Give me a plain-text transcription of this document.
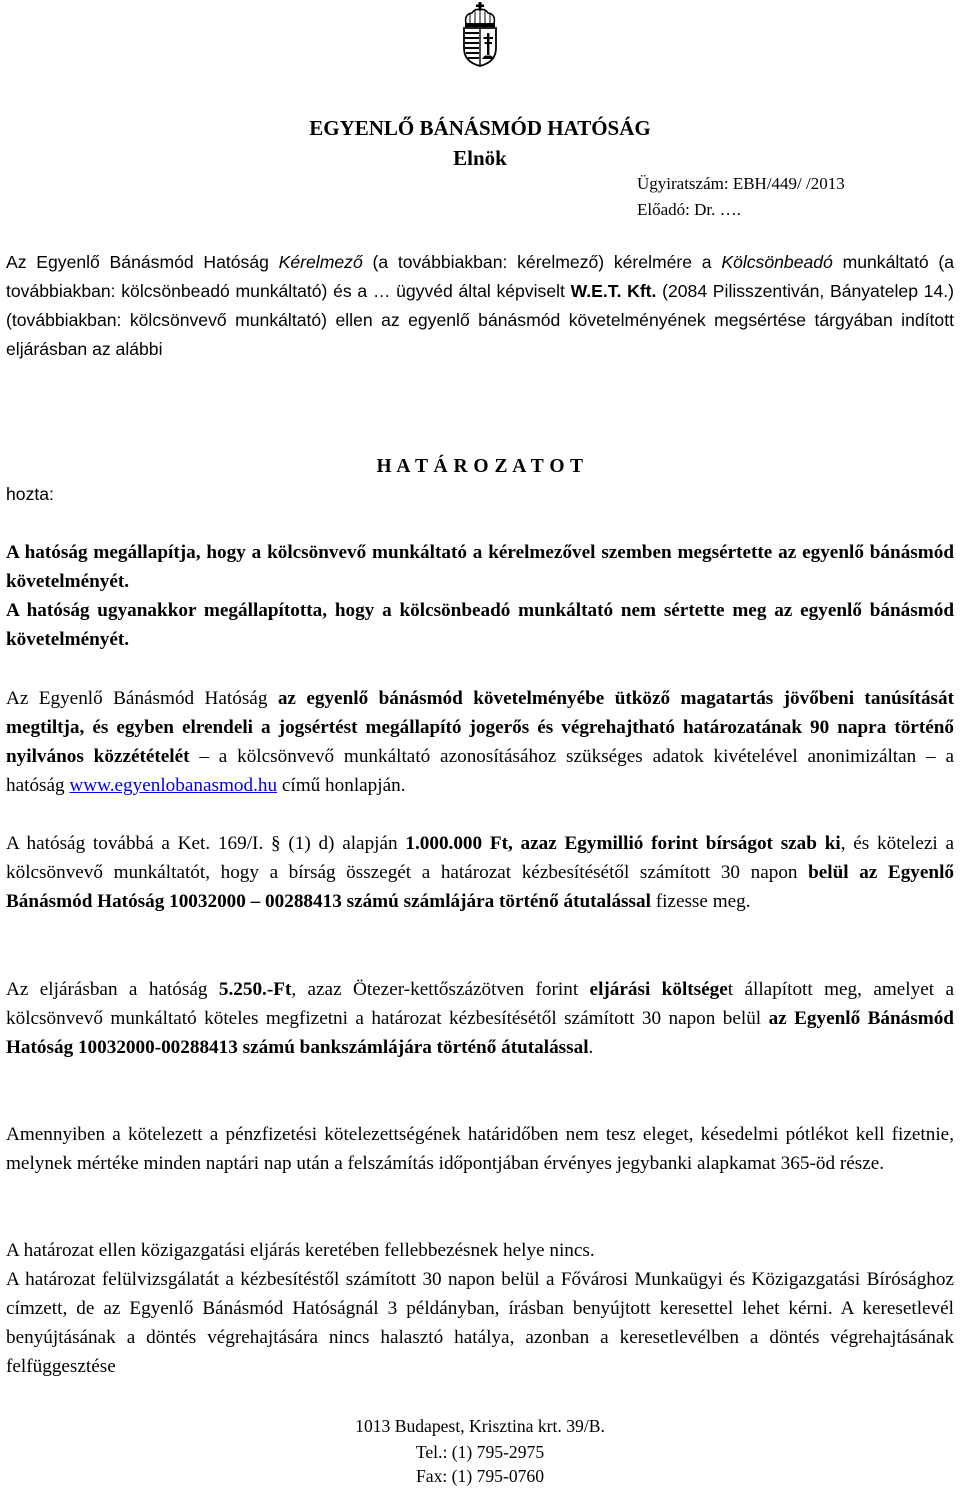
EGYENLŐ BÁNÁSMÓD HATÓSÁG
Elnök
Ügyiratszám: EBH/449/ /2013
Előadó: Dr. ….

Az Egyenlő Bánásmód Hatóság Kérelmező (a továbbiakban: kérelmező) kérelmére a Kölcsönbeadó munkáltató (a továbbiakban: kölcsönbeadó munkáltató) és a … ügyvéd által képviselt W.E.T. Kft. (2084 Pilisszentiván, Bányatelep 14.) (továbbiakban: kölcsönvevő munkáltató) ellen az egyenlő bánásmód követelményének megsértése tárgyában indított eljárásban az alábbi

H A T Á R O Z A T O T
hozta:

A hatóság megállapítja, hogy a kölcsönvevő munkáltató a kérelmezővel szemben megsértette az egyenlő bánásmód követelményét.

A hatóság ugyanakkor megállapította, hogy a kölcsönbeadó munkáltató nem sértette meg az egyenlő bánásmód követelményét.

Az Egyenlő Bánásmód Hatóság az egyenlő bánásmód követelményébe ütköző magatartás jövőbeni tanúsítását megtiltja, és egyben elrendeli a jogsértést megállapító jogerős és végrehajtható határozatának 90 napra történő nyilvános közzétételét – a kölcsönvevő munkáltató azonosításához szükséges adatok kivételével anonimizáltan – a hatóság www.egyenlobanasmod.hu című honlapján.

A hatóság továbbá a Ket. 169/I. § (1) d) alapján 1.000.000 Ft, azaz Egymillió forint bírságot szab ki, és kötelezi a kölcsönvevő munkáltatót, hogy a bírság összegét a határozat kézbesítésétől számított 30 napon belül az Egyenlő Bánásmód Hatóság 10032000 – 00288413 számú számlájára történő átutalással fizesse meg.

Az eljárásban a hatóság 5.250.-Ft, azaz Ötezer-kettőszázötven forint eljárási költséget állapított meg, amelyet a kölcsönvevő munkáltató köteles megfizetni a határozat kézbesítésétől számított 30 napon belül az Egyenlő Bánásmód Hatóság 10032000-00288413 számú bankszámlájára történő átutalással.

Amennyiben a kötelezett a pénzfizetési kötelezettségének határidőben nem tesz eleget, késedelmi pótlékot kell fizetnie, melynek mértéke minden naptári nap után a felszámítás időpontjában érvényes jegybanki alapkamat 365-öd része.

A határozat ellen közigazgatási eljárás keretében fellebbezésnek helye nincs.

A határozat felülvizsgálatát a kézbesítéstől számított 30 napon belül a Fővárosi Munkaügyi és Közigazgatási Bírósághoz címzett, de az Egyenlő Bánásmód Hatóságnál 3 példányban, írásban benyújtott keresettel lehet kérni. A keresetlevél benyújtásának a döntés végrehajtására nincs halasztó hatálya, azonban a keresetlevélben a döntés végrehajtásának felfüggesztése

1013 Budapest, Krisztina krt. 39/B.
Tel.: (1) 795-2975
Fax: (1) 795-0760
